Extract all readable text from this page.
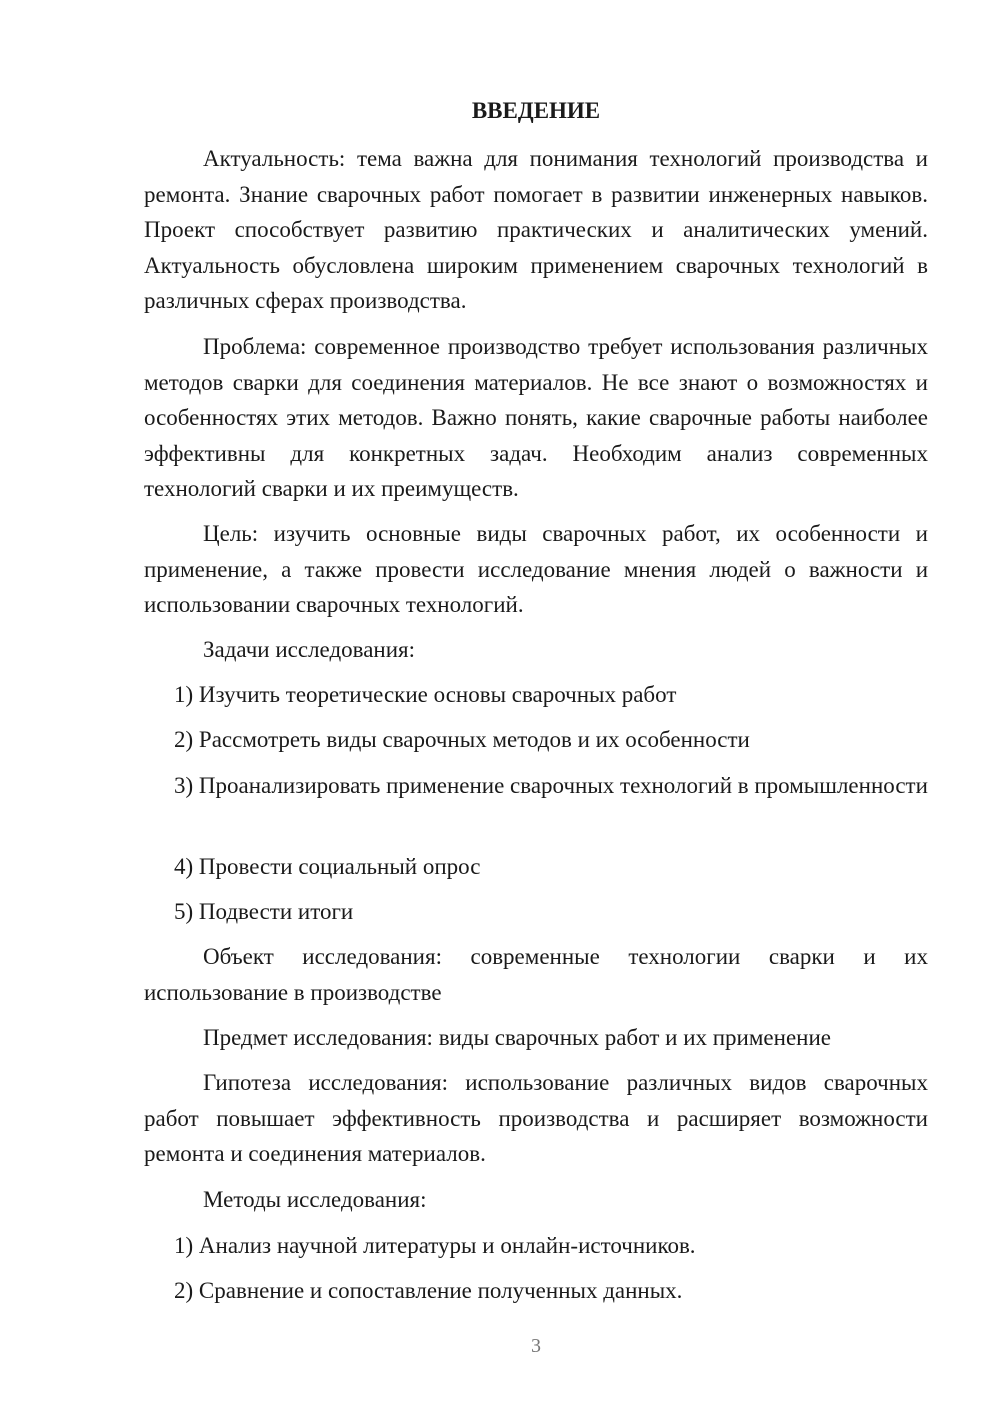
ВВЕДЕНИЕ

Актуальность: тема важна для понимания технологий производства и ремонта. Знание сварочных работ помогает в развитии инженерных навыков. Проект способствует развитию практических и аналитических умений. Актуальность обусловлена широким применением сварочных технологий в различных сферах производства.

Проблема: современное производство требует использования различных методов сварки для соединения материалов. Не все знают о возможностях и особенностях этих методов. Важно понять, какие сварочные работы наиболее эффективны для конкретных задач. Необходим анализ современных технологий сварки и их преимуществ.

Цель: изучить основные виды сварочных работ, их особенности и применение, а также провести исследование мнения людей о важности и использовании сварочных технологий.

Задачи исследования:

1) Изучить теоретические основы сварочных работ

2) Рассмотреть виды сварочных методов и их особенности

3) Проанализировать применение сварочных технологий в промышленности

4) Провести социальный опрос

5) Подвести итоги

Объект исследования: современные технологии сварки и их использование в производстве

Предмет исследования: виды сварочных работ и их применение

Гипотеза исследования: использование различных видов сварочных работ повышает эффективность производства и расширяет возможности ремонта и соединения материалов.

Методы исследования:

1) Анализ научной литературы и онлайн-источников.

2) Сравнение и сопоставление полученных данных.

3
